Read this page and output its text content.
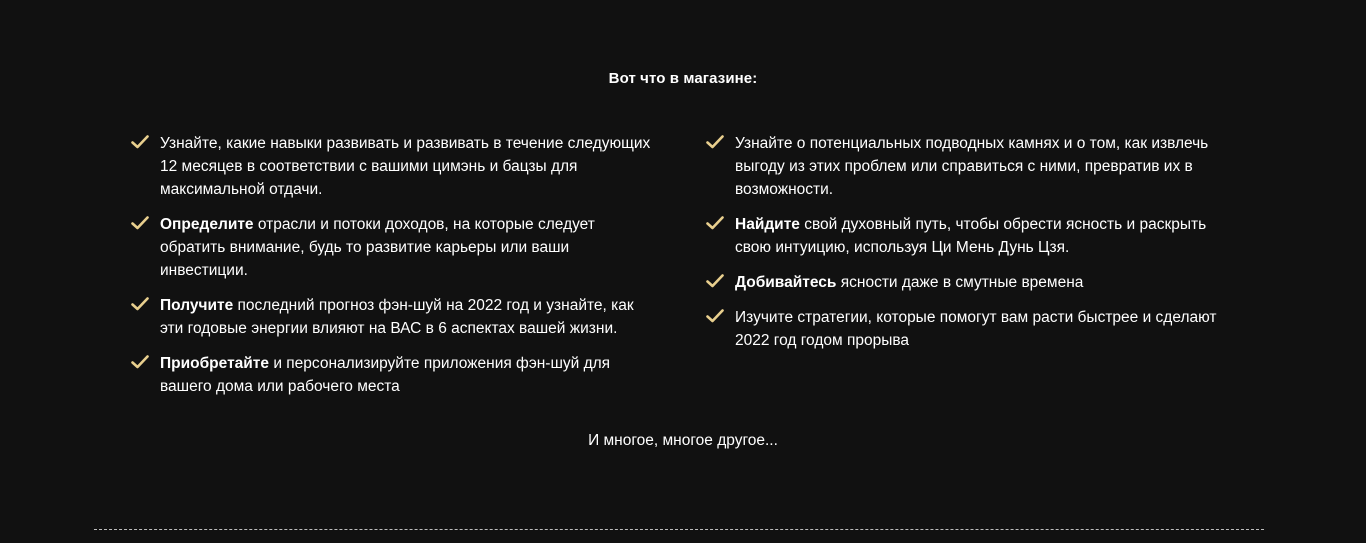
Вот что в магазине:
Узнайте, какие навыки развивать и развивать в течение следующих 12 месяцев в соответствии с вашими цимэнь и бацзы для максимальной отдачи.
Определите отрасли и потоки доходов, на которые следует обратить внимание, будь то развитие карьеры или ваши инвестиции.
Получите последний прогноз фэн-шуй на 2022 год и узнайте, как эти годовые энергии влияют на ВАС в 6 аспектах вашей жизни.
Приобретайте и персонализируйте приложения фэн-шуй для вашего дома или рабочего места
Узнайте о потенциальных подводных камнях и о том, как извлечь выгоду из этих проблем или справиться с ними, превратив их в возможности.
Найдите свой духовный путь, чтобы обрести ясность и раскрыть свою интуицию, используя Ци Мень Дунь Цзя.
Добивайтесь ясности даже в смутные времена
Изучите стратегии, которые помогут вам расти быстрее и сделают 2022 год годом прорыва
И многое, многое другое...
